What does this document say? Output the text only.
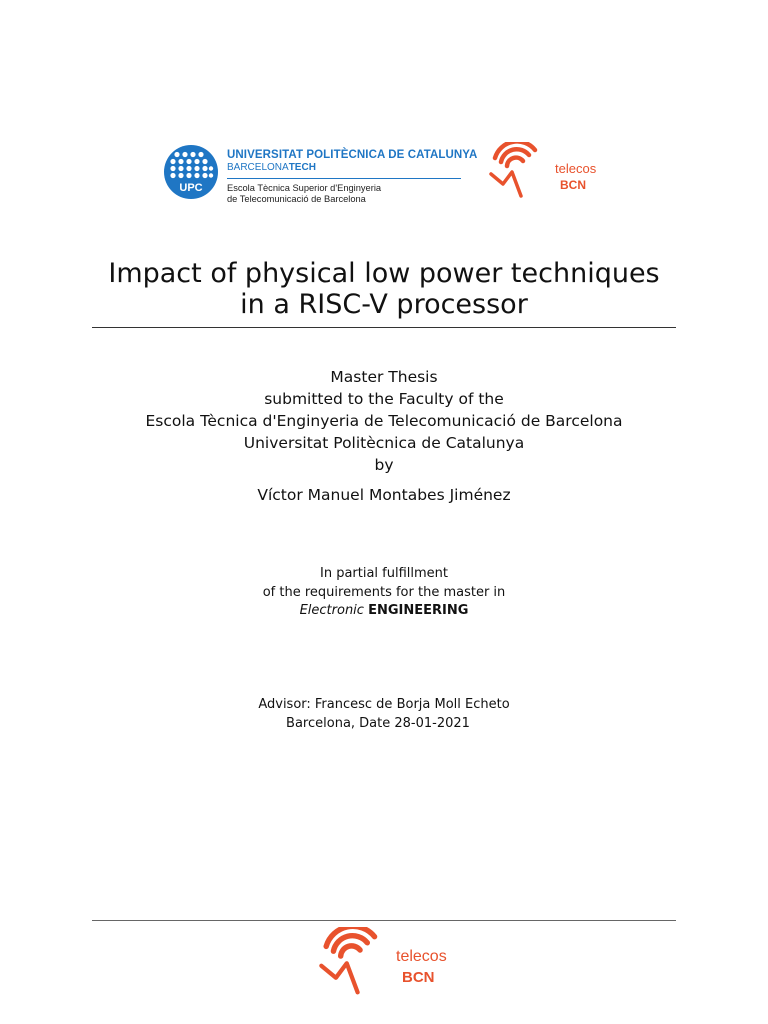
UPC
UNIVERSITAT POLITÈCNICA DE CATALUNYA
BARCELONATECH
Escola Tècnica Superior d'Enginyeria
de Telecomunicació de Barcelona
telecos
BCN
Impact of physical low power techniques in a RISC-V processor
Master Thesis
submitted to the Faculty of the
Escola Tècnica d'Enginyeria de Telecomunicació de Barcelona
Universitat Politècnica de Catalunya
by
Víctor Manuel Montabes Jiménez
In partial fulfillment
of the requirements for the master in
Electronic ENGINEERING
Advisor: Francesc de Borja Moll Echeto
Barcelona, Date 28-01-2021
telecos
BCN
